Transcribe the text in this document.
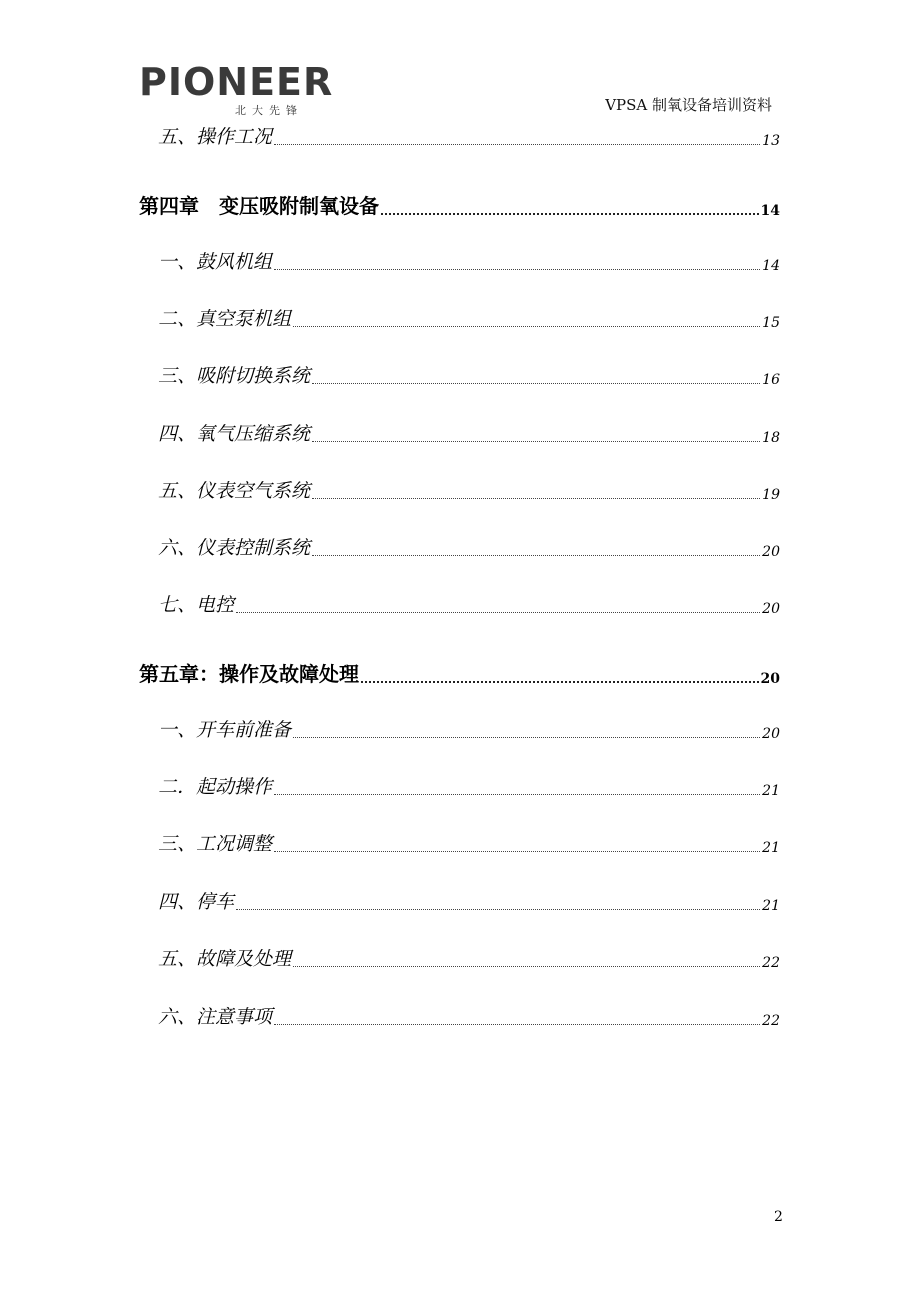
PIONEER
北大先锋	VPSA 制氧设备培训资料
五、操作工况	13
第四章　变压吸附制氧设备	14
一、鼓风机组	14
二、真空泵机组	15
三、吸附切换系统	16
四、氧气压缩系统	18
五、仪表空气系统	19
六、仪表控制系统	20
七、电控	20
第五章：操作及故障处理	20
一、开车前准备	20
二．起动操作	21
三、工况调整	21
四、停车	21
五、故障及处理	22
六、注意事项	22
2
